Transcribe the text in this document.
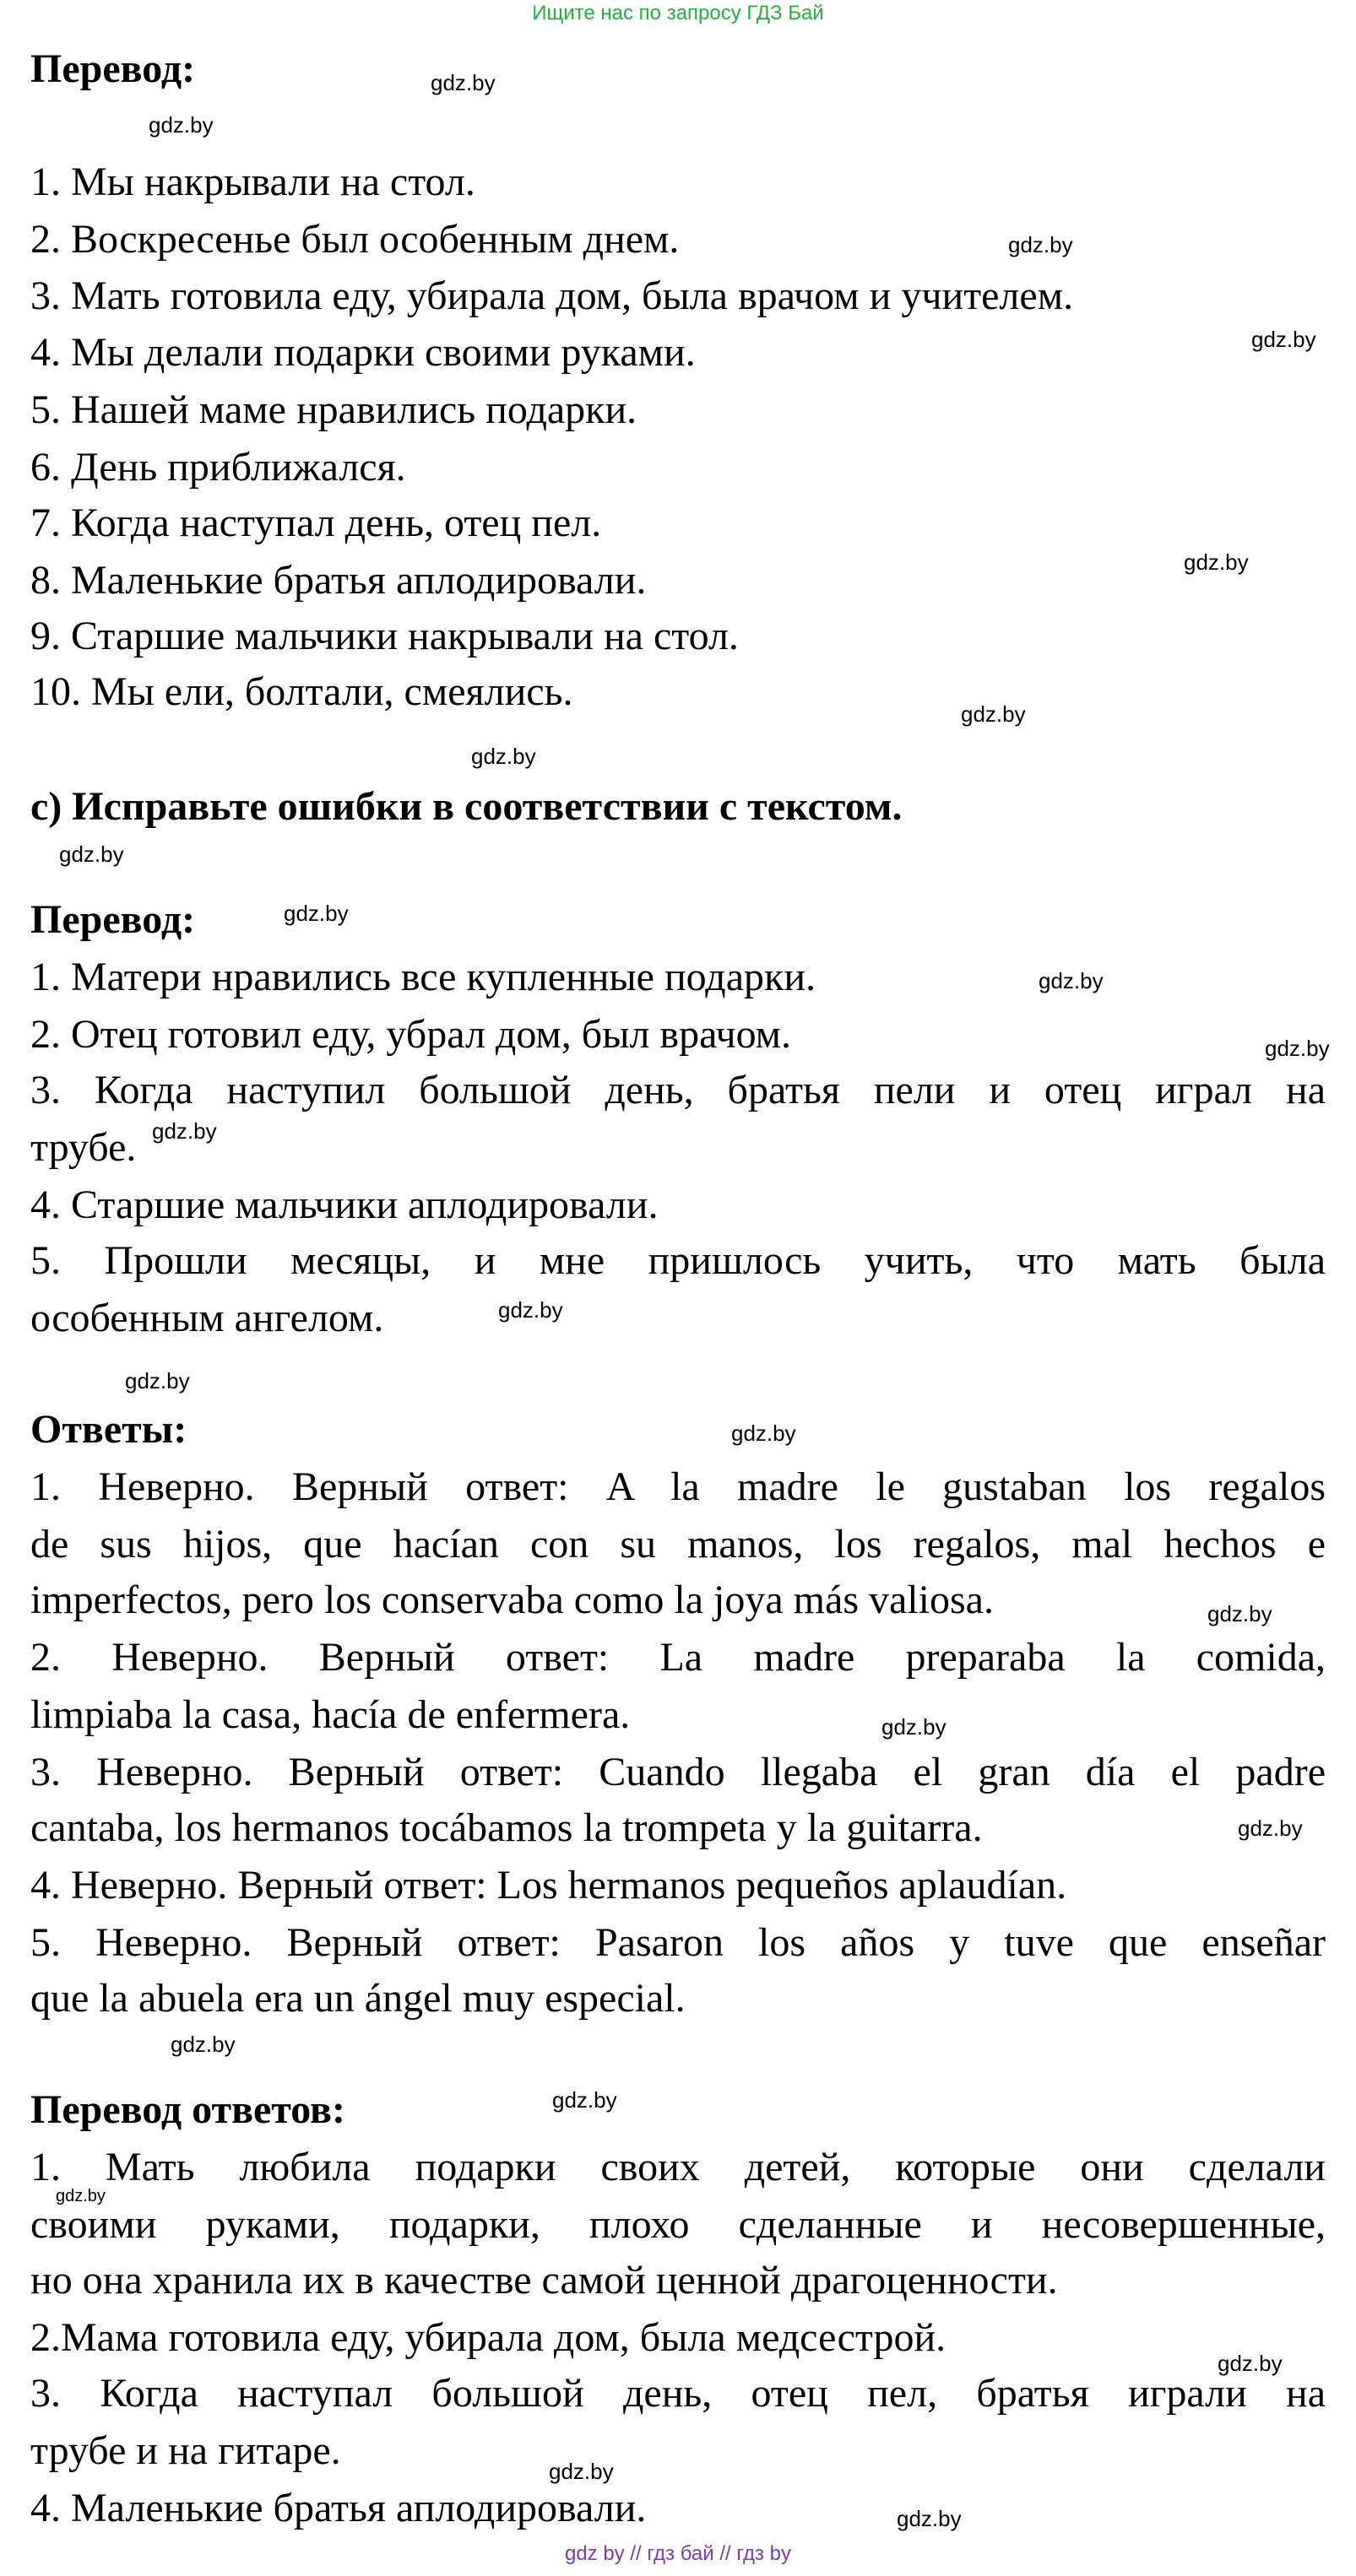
Ищите нас по запросу ГДЗ Бай
Перевод:
1. Мы накрывали на стол.
2. Воскресенье был особенным днем.
3. Мать готовила еду, убирала дом, была врачом и учителем.
4. Мы делали подарки своими руками.
5. Нашей маме нравились подарки.
6. День приближался.
7. Когда наступал день, отец пел.
8. Маленькие братья аплодировали.
9. Старшие мальчики накрывали на стол.
10. Мы ели, болтали, смеялись.
c) Исправьте ошибки в соответствии с текстом.
Перевод:
1. Матери нравились все купленные подарки.
2. Отец готовил еду, убрал дом, был врачом.
3. Когда наступил большой день, братья пели и отец играл на
трубе.
4. Старшие мальчики аплодировали.
5. Прошли месяцы, и мне пришлось учить, что мать была
особенным ангелом.
Ответы:
1. Неверно. Верный ответ: A la madre le gustaban los regalos
de sus hijos, que hacían con su manos, los regalos, mal hechos e
imperfectos, pero los conservaba como la joya más valiosa.
2. Неверно. Верный ответ: La madre preparaba la comida,
limpiaba la casa, hacía de enfermera.
3. Неверно. Верный ответ: Cuando llegaba el gran día el padre
cantaba, los hermanos tocábamos la trompeta y la guitarra.
4. Неверно. Верный ответ: Los hermanos pequeños aplaudían.
5. Неверно. Верный ответ: Pasaron los años y tuve que enseñar
que la abuela era un ángel muy especial.
Перевод ответов:
1. Мать любила подарки своих детей, которые они сделали
своими руками, подарки, плохо сделанные и несовершенные,
но она хранила их в качестве самой ценной драгоценности.
2.Мама готовила еду, убирала дом, была медсестрой.
3. Когда наступал большой день, отец пел, братья играли на
трубе и на гитаре.
4. Маленькие братья аплодировали.
gdz.by
gdz.by
gdz.by
gdz.by
gdz.by
gdz.by
gdz.by
gdz.by
gdz.by
gdz.by
gdz.by
gdz.by
gdz.by
gdz.by
gdz.by
gdz.by
gdz.by
gdz.by
gdz.by
gdz.by
gdz.by
gdz.by
gdz.by
gdz.by
gdz by // гдз бай // гдз by
